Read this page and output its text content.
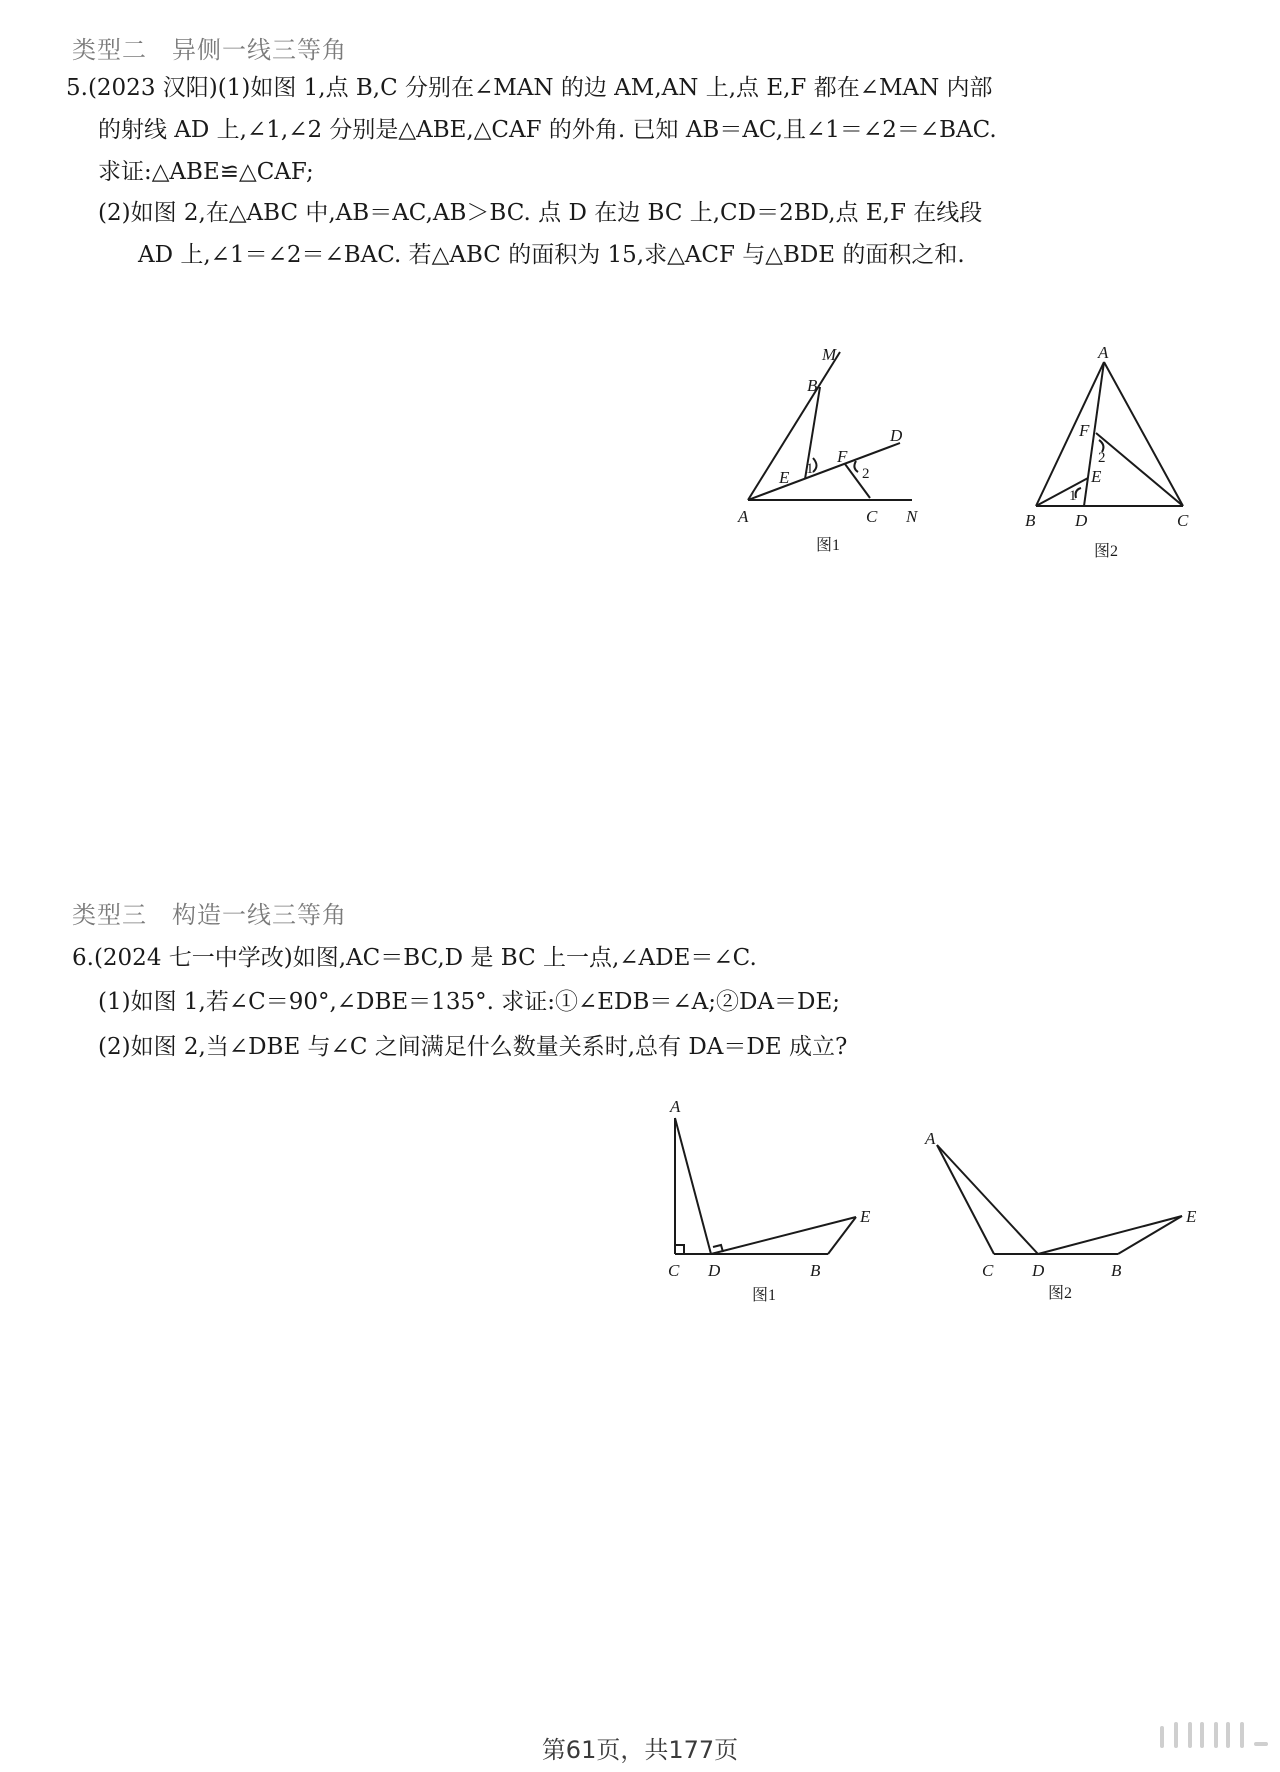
类型二　异侧一线三等角
5.(2023 汉阳)(1)如图 1,点 B,C 分别在∠MAN 的边 AM,AN 上,点 E,F 都在∠MAN 内部
的射线 AD 上,∠1,∠2 分别是△ABE,△CAF 的外角. 已知 AB＝AC,且∠1＝∠2＝∠BAC.
求证:△ABE≌△CAF;
(2)如图 2,在△ABC 中,AB＝AC,AB＞BC. 点 D 在边 BC 上,CD＝2BD,点 E,F 在线段
AD 上,∠1＝∠2＝∠BAC. 若△ABC 的面积为 15,求△ACF 与△BDE 的面积之和.
M
B
D
E 1
F
2
A	C N
图1
A
F
2
E
1
B D	C
图2
类型三　构造一线三等角
6.(2024 七一中学改)如图,AC＝BC,D 是 BC 上一点,∠ADE＝∠C.
(1)如图 1,若∠C＝90°,∠DBE＝135°. 求证:①∠EDB＝∠A;②DA＝DE;
(2)如图 2,当∠DBE 与∠C 之间满足什么数量关系时,总有 DA＝DE 成立?
A
C D	B
E
图1
A
C D	B
E
图2
第61页，共177页
